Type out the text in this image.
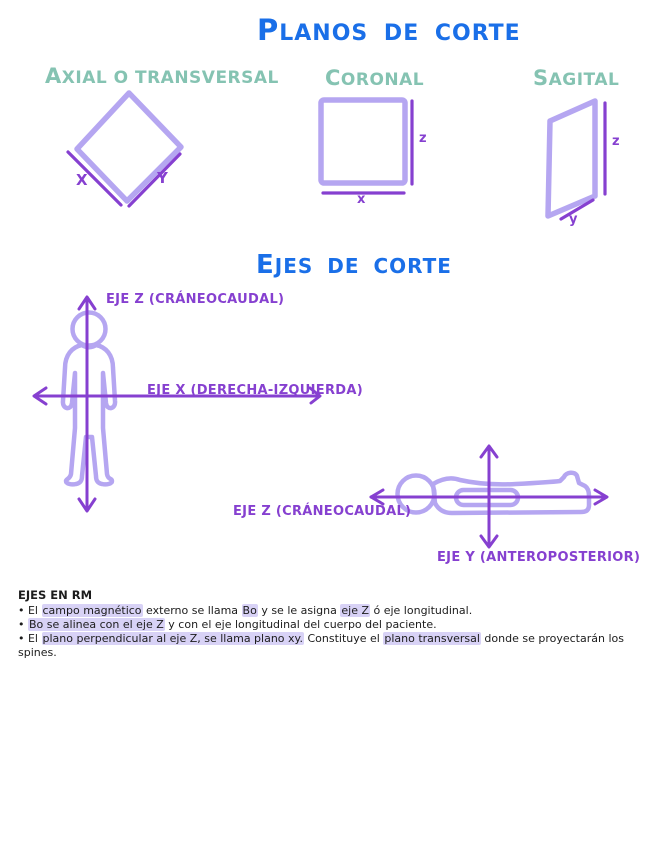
PLANOS DE CORTE
AXIAL O TRANSVERSAL	CORONAL	SAGITAL
X	Y
z
x
z
y
EJES DE CORTE
EJE Z (CRÁNEOCAUDAL)
EJE X (DERECHA-IZQUIERDA)
EJE Z (CRÁNEOCAUDAL)
EJE Y (ANTEROPOSTERIOR)

EJES EN RM

• El campo magnético externo se llama Bo y se le asigna eje Z ó eje longitudinal.

• Bo se alinea con el eje Z y con el eje longitudinal del cuerpo del paciente.

• El plano perpendicular al eje Z, se llama plano xy. Constituye el plano transversal donde se proyectarán los spines.
